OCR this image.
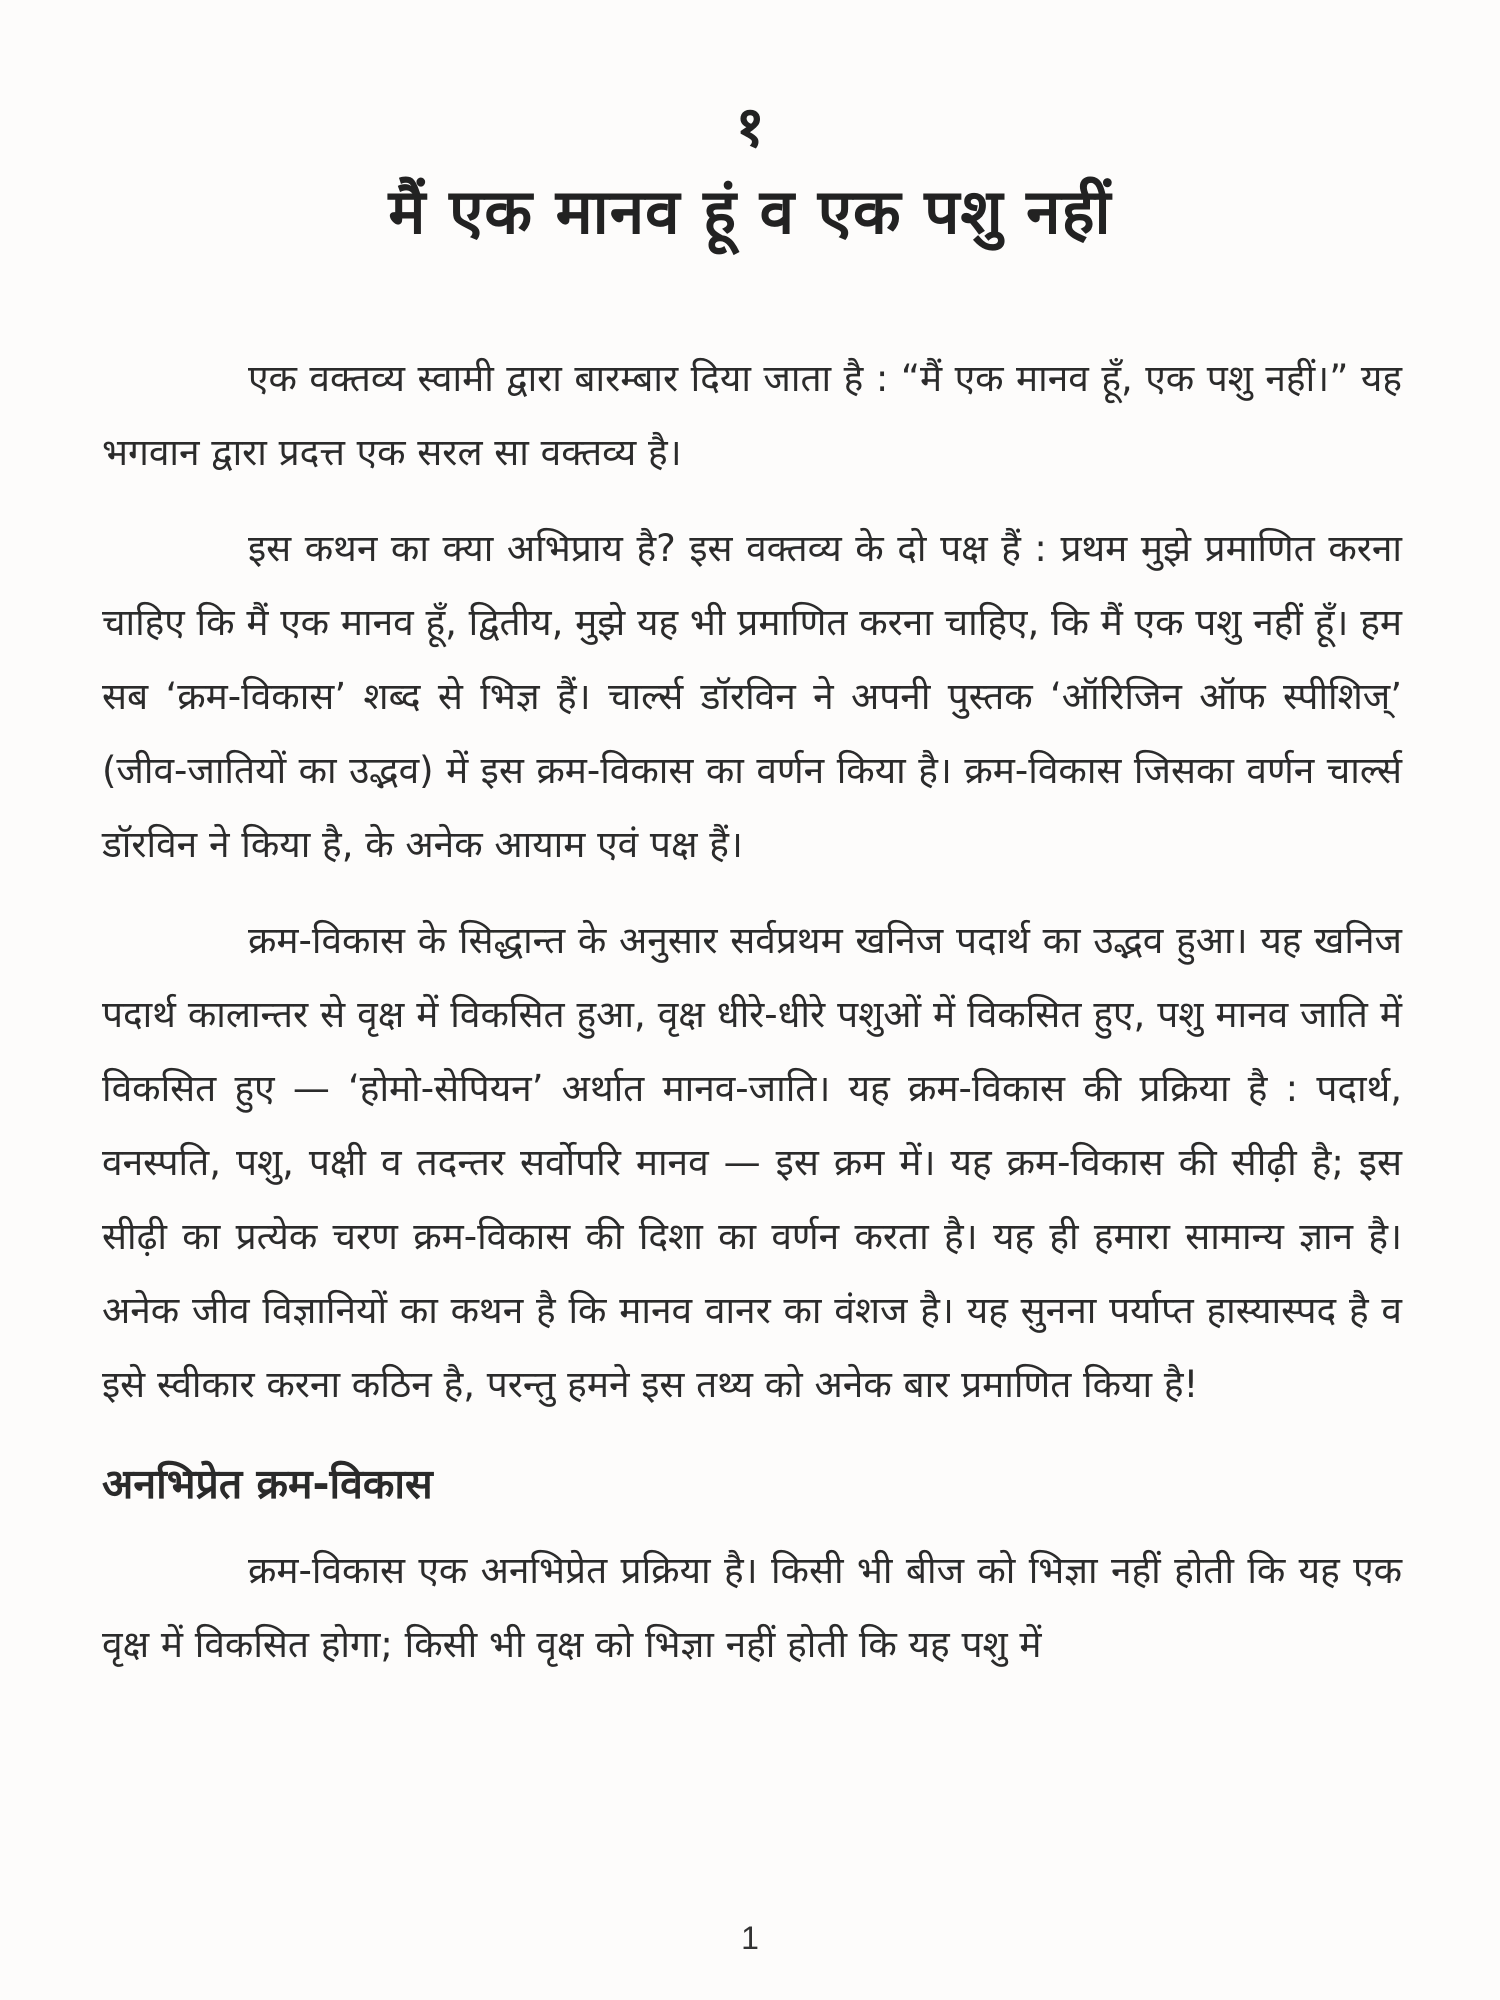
१
मैं एक मानव हूं व एक पशु नहीं

एक वक्तव्य स्वामी द्वारा बारम्बार दिया जाता है : “मैं एक मानव हूँ, एक पशु नहीं।” यह भगवान द्वारा प्रदत्त एक सरल सा वक्तव्य है।

इस कथन का क्या अभिप्राय है? इस वक्तव्य के दो पक्ष हैं : प्रथम मुझे प्रमाणित करना चाहिए कि मैं एक मानव हूँ, द्वितीय, मुझे यह भी प्रमाणित करना चाहिए, कि मैं एक पशु नहीं हूँ। हम सब ‘क्रम-विकास’ शब्द से भिज्ञ हैं। चार्ल्स डॉरविन ने अपनी पुस्तक ‘ऑरिजिन ऑफ स्पीशिज्’ (जीव-जातियों का उद्भव) में इस क्रम-विकास का वर्णन किया है। क्रम-विकास जिसका वर्णन चार्ल्स डॉरविन ने किया है, के अनेक आयाम एवं पक्ष हैं।

क्रम-विकास के सिद्धान्त के अनुसार सर्वप्रथम खनिज पदार्थ का उद्भव हुआ। यह खनिज पदार्थ कालान्तर से वृक्ष में विकसित हुआ, वृक्ष धीरे-धीरे पशुओं में विकसित हुए, पशु मानव जाति में विकसित हुए — ‘होमो-सेपियन’ अर्थात मानव-जाति। यह क्रम-विकास की प्रक्रिया है : पदार्थ, वनस्पति, पशु, पक्षी व तदन्तर सर्वोपरि मानव — इस क्रम में। यह क्रम-विकास की सीढ़ी है; इस सीढ़ी का प्रत्येक चरण क्रम-विकास की दिशा का वर्णन करता है। यह ही हमारा सामान्य ज्ञान है। अनेक जीव विज्ञानियों का कथन है कि मानव वानर का वंशज है। यह सुनना पर्याप्त हास्यास्पद है व इसे स्वीकार करना कठिन है, परन्तु हमने इस तथ्य को अनेक बार प्रमाणित किया है!

अनभिप्रेत क्रम-विकास

क्रम-विकास एक अनभिप्रेत प्रक्रिया है। किसी भी बीज को भिज्ञा नहीं होती कि यह एक वृक्ष में विकसित होगा; किसी भी वृक्ष को भिज्ञा नहीं होती कि यह पशु में

1
